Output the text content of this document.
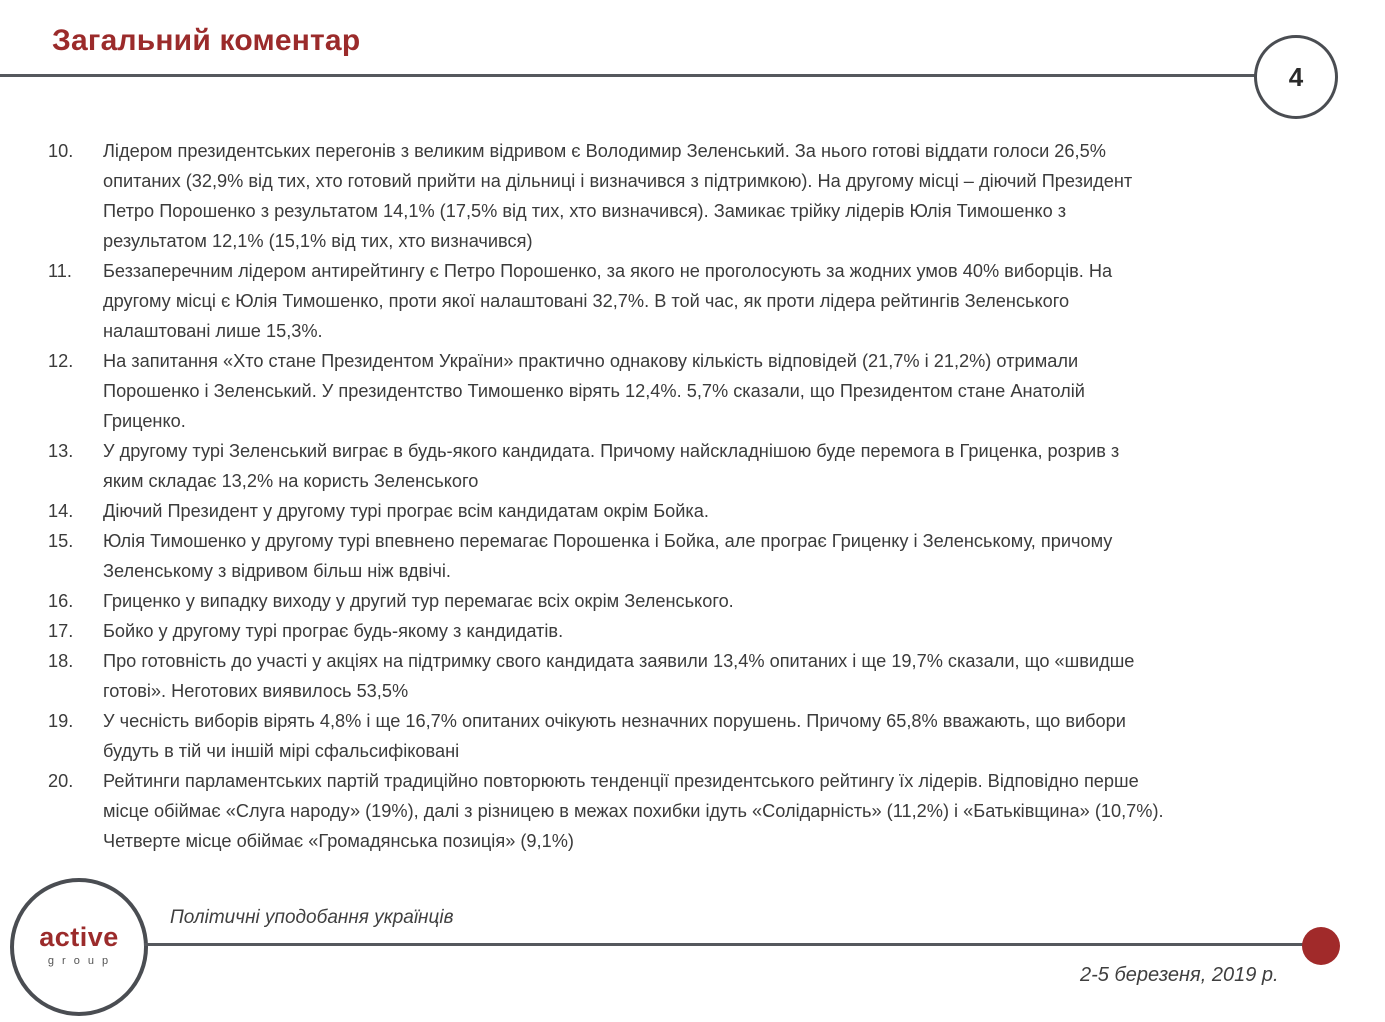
Загальний коментар
4
10.	Лідером президентських перегонів з великим відривом є Володимир Зеленський. За нього готові віддати голоси 26,5%
опитаних (32,9% від тих, хто готовий прийти на дільниці і визначився з підтримкою). На другому місці – діючий Президент
Петро Порошенко з результатом 14,1% (17,5% від тих, хто визначився). Замикає трійку лідерів Юлія Тимошенко з
результатом 12,1% (15,1% від тих, хто визначився)
11.	Беззаперечним лідером антирейтингу є Петро Порошенко, за якого не проголосують за жодних умов 40% виборців. На
другому місці є Юлія Тимошенко, проти якої налаштовані 32,7%. В той час, як проти лідера рейтингів Зеленського
налаштовані лише 15,3%.
12.	На запитання «Хто стане Президентом України» практично однакову кількість відповідей (21,7% і 21,2%) отримали
Порошенко і Зеленський. У президентство Тимошенко вірять 12,4%. 5,7% сказали, що Президентом стане Анатолій
Гриценко.
13.	У другому турі Зеленський виграє в будь-якого кандидата. Причому найскладнішою буде перемога в Гриценка, розрив з
яким складає 13,2% на користь Зеленського
14.	Діючий Президент у другому турі програє всім кандидатам окрім Бойка.
15.	Юлія Тимошенко у другому турі впевнено перемагає Порошенка і Бойка, але програє Гриценку і Зеленському, причому
Зеленському з відривом більш ніж вдвічі.
16.	Гриценко у випадку виходу у другий тур перемагає всіх окрім Зеленського.
17.	Бойко у другому турі програє будь-якому з кандидатів.
18.	Про готовність до участі у акціях на підтримку свого кандидата заявили 13,4% опитаних і ще 19,7% сказали, що «швидше
готові». Неготових виявилось 53,5%
19.	У чесність виборів вірять 4,8% і ще 16,7% опитаних очікують незначних порушень. Причому 65,8% вважають, що вибори
будуть в тій чи іншій мірі сфальсифіковані
20.	Рейтинги парламентських партій традиційно повторюють тенденції президентського рейтингу їх лідерів. Відповідно перше
місце обіймає «Слуга народу» (19%), далі з різницею в межах похибки ідуть «Солідарність» (11,2%) і «Батьківщина» (10,7%).
Четверте місце обіймає «Громадянська позиція» (9,1%)
active
group
Політичні уподобання українців
2-5 березеня, 2019 р.
